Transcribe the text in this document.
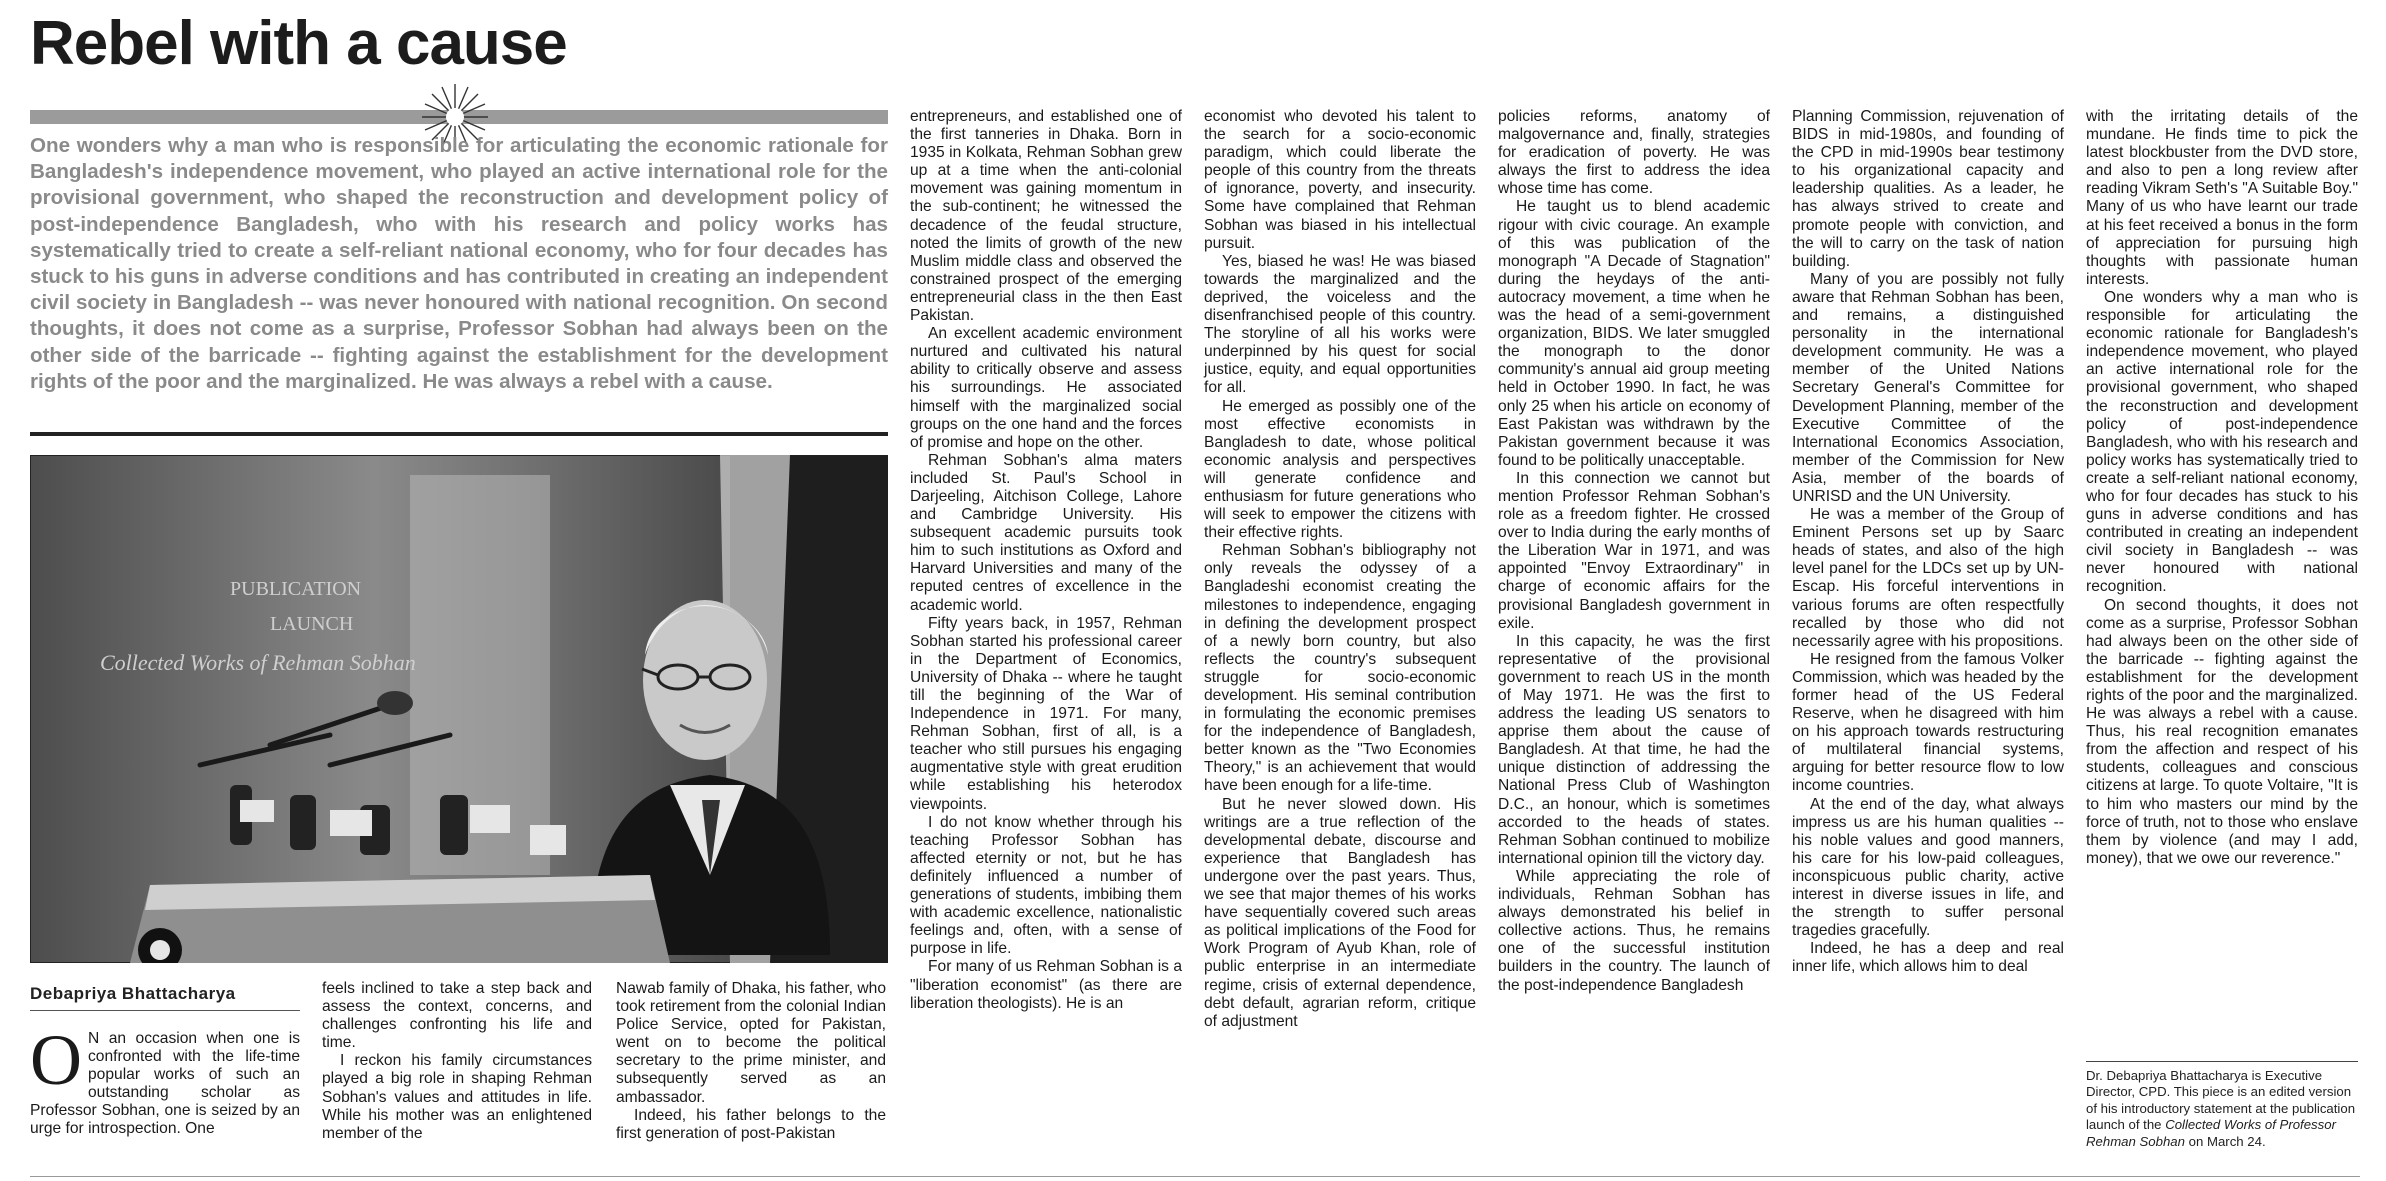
Rebel with a cause
One wonders why a man who is responsible for articulating the economic rationale for Bangladesh's independence movement, who played an active international role for the provisional government, who shaped the reconstruction and development policy of post-independence Bangladesh, who with his research and policy works has systematically tried to create a self-reliant national economy, who for four decades has stuck to his guns in adverse conditions and has contributed in creating an independent civil society in Bangladesh -- was never honoured with national recognition. On second thoughts, it does not come as a surprise, Professor Sobhan had always been on the other side of the barricade -- fighting against the establishment for the development rights of the poor and the marginalized. He was always a rebel with a cause.
PUBLICATION
LAUNCH
Collected Works of Rehman Sobhan
Debapriya Bhattacharya

O N an occasion when one is confronted with the life-time popular works of such an outstanding scholar as Professor Sobhan, one is seized by an urge for introspection. One

feels inclined to take a step back and assess the context, concerns, and challenges confronting his life and time.

I reckon his family circumstances played a big role in shaping Rehman Sobhan's values and attitudes in life. While his mother was an enlightened member of the

Nawab family of Dhaka, his father, who took retirement from the colonial Indian Police Service, opted for Pakistan, went on to become the political secretary to the prime minister, and subsequently served as an ambassador.

Indeed, his father belongs to the first generation of post-Pakistan

entrepreneurs, and established one of the first tanneries in Dhaka. Born in 1935 in Kolkata, Rehman Sobhan grew up at a time when the anti-colonial movement was gaining momentum in the sub-continent; he witnessed the decadence of the feudal structure, noted the limits of growth of the new Muslim middle class and observed the constrained prospect of the emerging entrepreneurial class in the then East Pakistan.

An excellent academic environment nurtured and cultivated his natural ability to critically observe and assess his surroundings. He associated himself with the marginalized social groups on the one hand and the forces of promise and hope on the other.

Rehman Sobhan's alma maters included St. Paul's School in Darjeeling, Aitchison College, Lahore and Cambridge University. His subsequent academic pursuits took him to such institutions as Oxford and Harvard Universities and many of the reputed centres of excellence in the academic world.

Fifty years back, in 1957, Rehman Sobhan started his professional career in the Department of Economics, University of Dhaka -- where he taught till the beginning of the War of Independence in 1971. For many, Rehman Sobhan, first of all, is a teacher who still pursues his engaging augmentative style with great erudition while establishing his heterodox viewpoints.

I do not know whether through his teaching Professor Sobhan has affected eternity or not, but he has definitely influenced a number of generations of students, imbibing them with academic excellence, nationalistic feelings and, often, with a sense of purpose in life.

For many of us Rehman Sobhan is a "liberation economist" (as there are liberation theologists). He is an

economist who devoted his talent to the search for a socio-economic paradigm, which could liberate the people of this country from the threats of ignorance, poverty, and insecurity. Some have complained that Rehman Sobhan was biased in his intellectual pursuit.

Yes, biased he was! He was biased towards the marginalized and the deprived, the voiceless and the disenfranchised people of this country. The storyline of all his works were underpinned by his quest for social justice, equity, and equal opportunities for all.

He emerged as possibly one of the most effective economists in Bangladesh to date, whose political economic analysis and perspectives will generate confidence and enthusiasm for future generations who will seek to empower the citizens with their effective rights.

Rehman Sobhan's bibliography not only reveals the odyssey of a Bangladeshi economist creating the milestones to independence, engaging in defining the development prospect of a newly born country, but also reflects the country's subsequent struggle for socio-economic development. His seminal contribution in formulating the economic premises for the independence of Bangladesh, better known as the "Two Economies Theory," is an achievement that would have been enough for a life-time.

But he never slowed down. His writings are a true reflection of the developmental debate, discourse and experience that Bangladesh has undergone over the past years. Thus, we see that major themes of his works have sequentially covered such areas as political implications of the Food for Work Program of Ayub Khan, role of public enterprise in an intermediate regime, crisis of external dependence, debt default, agrarian reform, critique of adjustment

policies reforms, anatomy of malgovernance and, finally, strategies for eradication of poverty. He was always the first to address the idea whose time has come.

He taught us to blend academic rigour with civic courage. An example of this was publication of the monograph "A Decade of Stagnation" during the heydays of the anti-autocracy movement, a time when he was the head of a semi-government organization, BIDS. We later smuggled the monograph to the donor community's annual aid group meeting held in October 1990. In fact, he was only 25 when his article on economy of East Pakistan was withdrawn by the Pakistan government because it was found to be politically unacceptable.

In this connection we cannot but mention Professor Rehman Sobhan's role as a freedom fighter. He crossed over to India during the early months of the Liberation War in 1971, and was appointed "Envoy Extraordinary" in charge of economic affairs for the provisional Bangladesh government in exile.

In this capacity, he was the first representative of the provisional government to reach US in the month of May 1971. He was the first to address the leading US senators to apprise them about the cause of Bangladesh. At that time, he had the unique distinction of addressing the National Press Club of Washington D.C., an honour, which is sometimes accorded to the heads of states. Rehman Sobhan continued to mobilize international opinion till the victory day.

While appreciating the role of individuals, Rehman Sobhan has always demonstrated his belief in collective actions. Thus, he remains one of the successful institution builders in the country. The launch of the post-independence Bangladesh

Planning Commission, rejuvenation of BIDS in mid-1980s, and founding of the CPD in mid-1990s bear testimony to his organizational capacity and leadership qualities. As a leader, he has always strived to create and promote people with conviction, and the will to carry on the task of nation building.

Many of you are possibly not fully aware that Rehman Sobhan has been, and remains, a distinguished personality in the international development community. He was a member of the United Nations Secretary General's Committee for Development Planning, member of the Executive Committee of the International Economics Association, member of the Commission for New Asia, member of the boards of UNRISD and the UN University.

He was a member of the Group of Eminent Persons set up by Saarc heads of states, and also of the high level panel for the LDCs set up by UN-Escap. His forceful interventions in various forums are often respectfully recalled by those who did not necessarily agree with his propositions.

He resigned from the famous Volker Commission, which was headed by the former head of the US Federal Reserve, when he disagreed with him on his approach towards restructuring of multilateral financial systems, arguing for better resource flow to low income countries.

At the end of the day, what always impress us are his human qualities -- his noble values and good manners, his care for his low-paid colleagues, inconspicuous public charity, active interest in diverse issues in life, and the strength to suffer personal tragedies gracefully.

Indeed, he has a deep and real inner life, which allows him to deal

with the irritating details of the mundane. He finds time to pick the latest blockbuster from the DVD store, and also to pen a long review after reading Vikram Seth's "A Suitable Boy." Many of us who have learnt our trade at his feet received a bonus in the form of appreciation for pursuing high thoughts with passionate human interests.

One wonders why a man who is responsible for articulating the economic rationale for Bangladesh's independence movement, who played an active international role for the provisional government, who shaped the reconstruction and development policy of post-independence Bangladesh, who with his research and policy works has systematically tried to create a self-reliant national economy, who for four decades has stuck to his guns in adverse conditions and has contributed in creating an independent civil society in Bangladesh -- was never honoured with national recognition.

On second thoughts, it does not come as a surprise, Professor Sobhan had always been on the other side of the barricade -- fighting against the establishment for the development rights of the poor and the marginalized. He was always a rebel with a cause. Thus, his real recognition emanates from the affection and respect of his students, colleagues and conscious citizens at large. To quote Voltaire, "It is to him who masters our mind by the force of truth, not to those who enslave them by violence (and may I add, money), that we owe our reverence."

Dr. Debapriya Bhattacharya is Executive Director, CPD. This piece is an edited version of his introductory statement at the publication launch of the Collected Works of Professor Rehman Sobhan on March 24.
